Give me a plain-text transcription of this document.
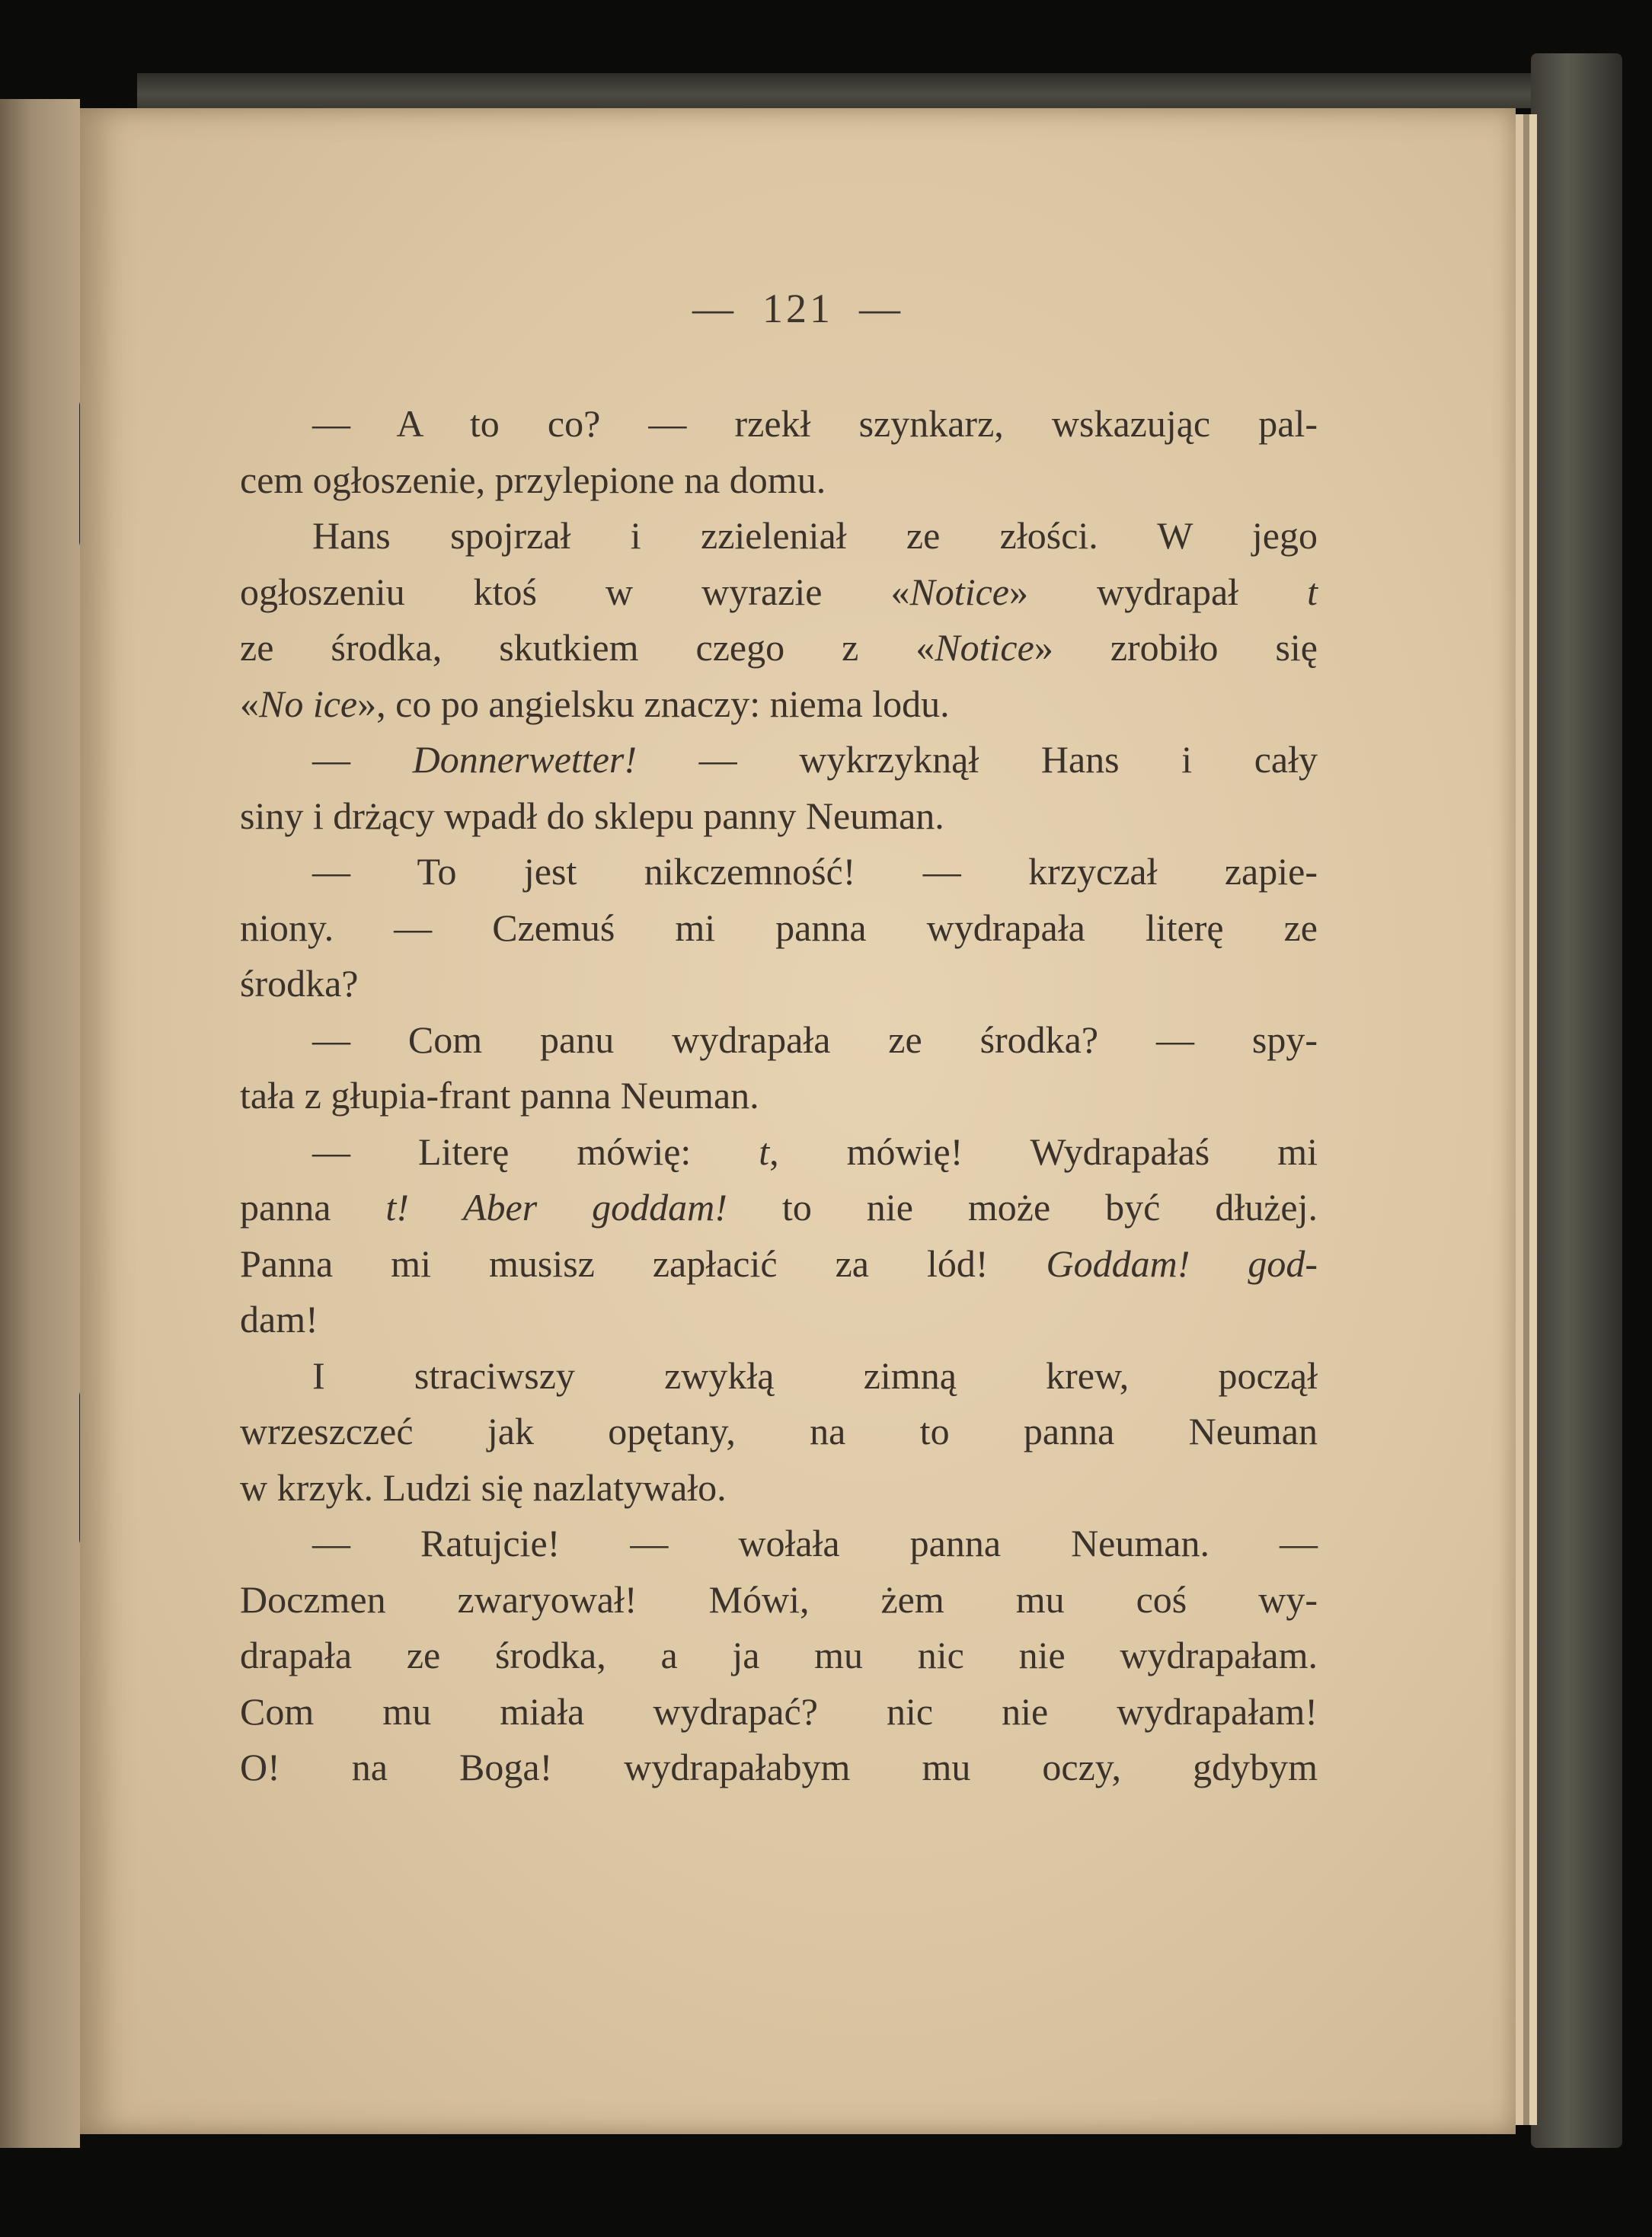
— 121 —
— A to co? — rzekł szynkarz, wskazując pal-
cem ogłoszenie, przylepione na domu.
Hans spojrzał i zzieleniał ze złości. W jego
ogłoszeniu ktoś w wyrazie «Notice» wydrapał t
ze środka, skutkiem czego z «Notice» zrobiło się
«No ice», co po angielsku znaczy: niema lodu.
— Donnerwetter! — wykrzyknął Hans i cały
siny i drżący wpadł do sklepu panny Neuman.
— To jest nikczemność! — krzyczał zapie-
niony. — Czemuś mi panna wydrapała literę ze
środka?
— Com panu wydrapała ze środka? — spy-
tała z głupia-frant panna Neuman.
— Literę mówię: t, mówię! Wydrapałaś mi
panna t! Aber goddam! to nie może być dłużej.
Panna mi musisz zapłacić za lód! Goddam! god-
dam!
I straciwszy zwykłą zimną krew, począł
wrzeszczeć jak opętany, na to panna Neuman
w krzyk. Ludzi się nazlatywało.
— Ratujcie! — wołała panna Neuman. —
Doczmen zwaryował! Mówi, żem mu coś wy-
drapała ze środka, a ja mu nic nie wydrapałam.
Com mu miała wydrapać? nic nie wydrapałam!
O! na Boga! wydrapałabym mu oczy, gdybym
